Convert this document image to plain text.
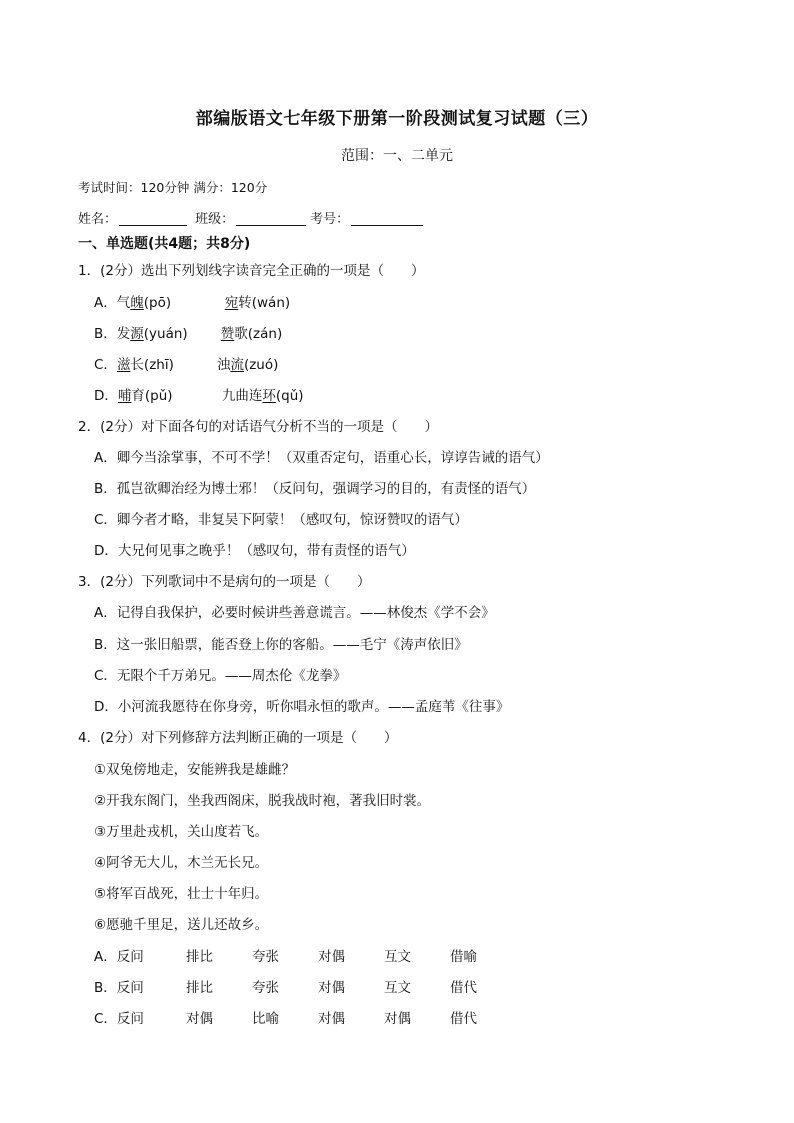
部编版语文七年级下册第一阶段测试复习试题（三）
范围：一、二单元
考试时间：120分钟 满分：120分
姓名：	班级：	考号：
一、单选题(共4题；共8分)
1．(2分）选出下列划线字读音完全正确的一项是（　　）
A．气魄(pō)	宛转(wán)
B．发源(yuán) 赞歌(zán)
C．滋长(zhī)	浊流(zuó)
D．哺育(pǔ)	九曲连环(qǔ)
2．(2分）对下面各句的对话语气分析不当的一项是（　　）
A．卿今当涂掌事，不可不学！（双重否定句，语重心长，谆谆告诫的语气）
B．孤岂欲卿治经为博士邪！（反问句，强调学习的目的，有责怪的语气）
C．卿今者才略，非复吴下阿蒙！（感叹句，惊讶赞叹的语气）
D．大兄何见事之晚乎！（感叹句，带有责怪的语气）
3．(2分）下列歌词中不是病句的一项是（　　）
A．记得自我保护，必要时候讲些善意谎言。——林俊杰《学不会》
B．这一张旧船票，能否登上你的客船。——毛宁《涛声依旧》
C．无限个千万弟兄。——周杰伦《龙拳》
D．小河流我愿待在你身旁，听你唱永恒的歌声。——孟庭苇《往事》
4．(2分）对下列修辞方法判断正确的一项是（　　）
①双兔傍地走，安能辨我是雄雌？
②开我东阁门，坐我西阁床，脱我战时袍，著我旧时裳。
③万里赴戎机，关山度若飞。
④阿爷无大儿，木兰无长兄。
⑤将军百战死，壮士十年归。
⑥愿驰千里足，送儿还故乡。
A．反问	排比	夸张	对偶	互文	借喻
B．反问	排比	夸张	对偶	互文	借代
C．反问	对偶	比喻	对偶	对偶	借代
